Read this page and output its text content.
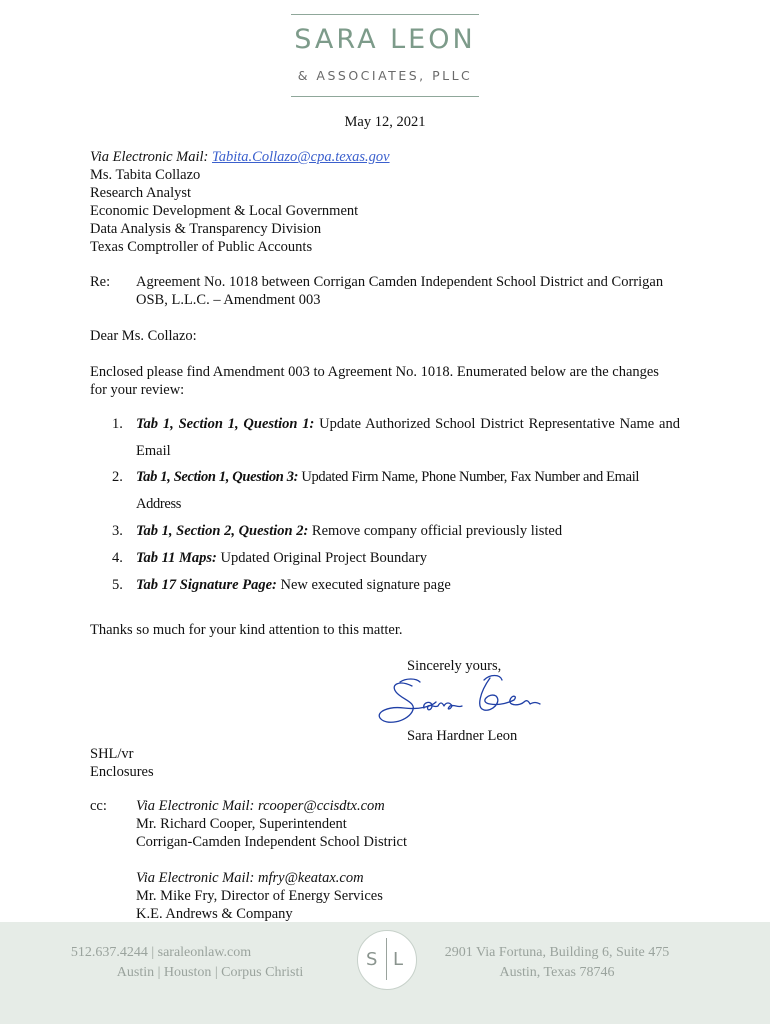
SARA LEON
& ASSOCIATES, PLLC
May 12, 2021
Via Electronic Mail: Tabita.Collazo@cpa.texas.gov
Ms. Tabita Collazo
Research Analyst
Economic Development & Local Government
Data Analysis & Transparency Division
Texas Comptroller of Public Accounts
Re: Agreement No. 1018 between Corrigan Camden Independent School District and Corrigan
OSB, L.L.C. – Amendment 003
Dear Ms. Collazo:
Enclosed please find Amendment 003 to Agreement No. 1018. Enumerated below are the changes
for your review:
1. Tab 1, Section 1, Question 1: Update Authorized School District Representative Name and Email
2. Tab 1, Section 1, Question 3: Updated Firm Name, Phone Number, Fax Number and Email Address
3. Tab 1, Section 2, Question 2: Remove company official previously listed
4. Tab 11 Maps: Updated Original Project Boundary
5. Tab 17 Signature Page: New executed signature page
Thanks so much for your kind attention to this matter.
Sincerely yours,
Sara Hardner Leon
SHL/vr
Enclosures
cc: Via Electronic Mail: rcooper@ccisdtx.com
Mr. Richard Cooper, Superintendent
Corrigan-Camden Independent School District
Via Electronic Mail: mfry@keatax.com
Mr. Mike Fry, Director of Energy Services
K.E. Andrews & Company
512.637.4244 | saraleonlaw.com
Austin | Houston | Corpus Christi
S L	2901 Via Fortuna, Building 6, Suite 475
Austin, Texas 78746
